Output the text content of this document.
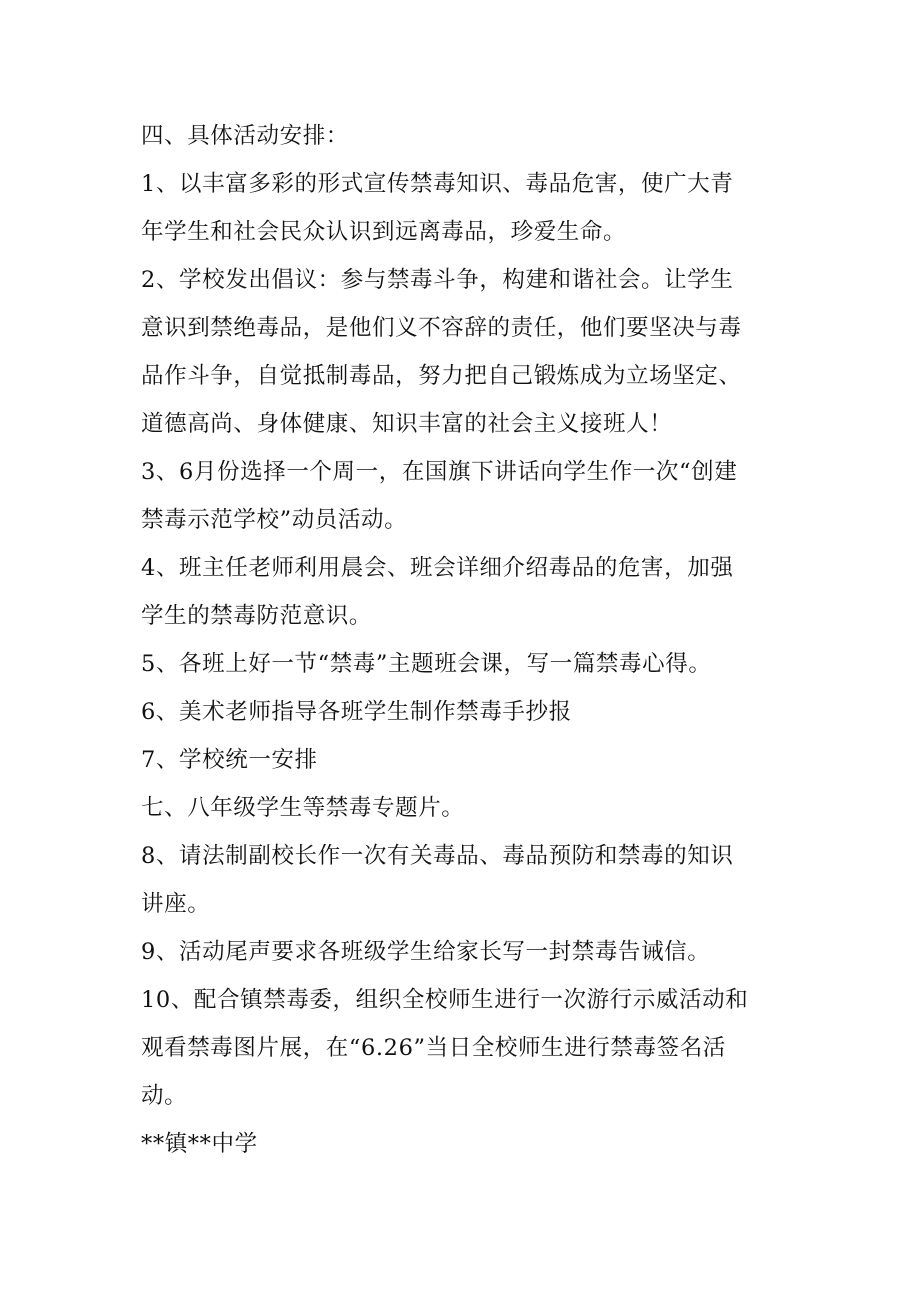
四、具体活动安排：
1、以丰富多彩的形式宣传禁毒知识、毒品危害，使广大青
年学生和社会民众认识到远离毒品，珍爱生命。
2、学校发出倡议：参与禁毒斗争，构建和谐社会。让学生
意识到禁绝毒品，是他们义不容辞的责任，他们要坚决与毒
品作斗争，自觉抵制毒品，努力把自己锻炼成为立场坚定、
道德高尚、身体健康、知识丰富的社会主义接班人！
3、6月份选择一个周一，在国旗下讲话向学生作一次“创建
禁毒示范学校”动员活动。
4、班主任老师利用晨会、班会详细介绍毒品的危害，加强
学生的禁毒防范意识。
5、各班上好一节“禁毒”主题班会课，写一篇禁毒心得。
6、美术老师指导各班学生制作禁毒手抄报
7、学校统一安排
七、八年级学生等禁毒专题片。
8、请法制副校长作一次有关毒品、毒品预防和禁毒的知识
讲座。
9、活动尾声要求各班级学生给家长写一封禁毒告诫信。
10、配合镇禁毒委，组织全校师生进行一次游行示威活动和
观看禁毒图片展，在“6.26”当日全校师生进行禁毒签名活
动。
**镇**中学
